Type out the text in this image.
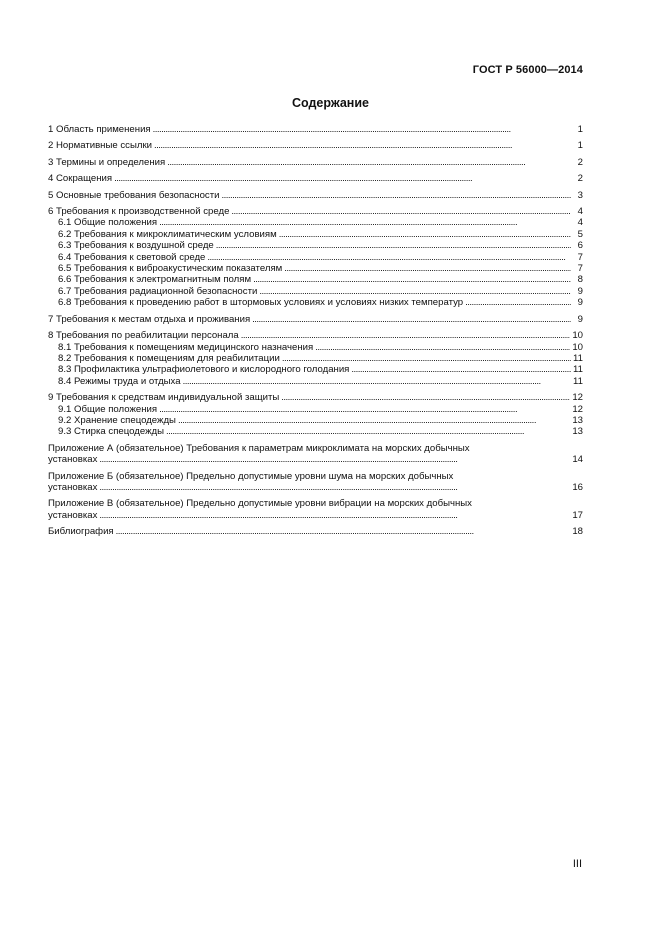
ГОСТ Р 56000—2014
Содержание
1 Область применения . . .	1
2 Нормативные ссылки . . .	1
3 Термины и определения . . .	2
4 Сокращения . . .	2
5 Основные требования безопасности . . .	3
6 Требования к производственной среде . . .	4
6.1 Общие положения . . .	4
6.2 Требования к микроклиматическим условиям . . .	5
6.3 Требования к воздушной среде . . .	6
6.4 Требования к световой среде . . .	7
6.5 Требования к виброакустическим показателям . . .	7
6.6 Требования к электромагнитным полям . . .	8
6.7 Требования радиационной безопасности . . .	9
6.8 Требования к проведению работ в штормовых условиях и условиях низких температур . . .	9
7 Требования к местам отдыха и проживания . . .	9
8 Требования по реабилитации персонала . . .	10
8.1 Требования к помещениям медицинского назначения . . .	10
8.2 Требования к помещениям для реабилитации . . .	11
8.3 Профилактика ультрафиолетового и кислородного голодания . . .	11
8.4 Режимы труда и отдыха . . .	11
9 Требования к средствам индивидуальной защиты . . .	12
9.1 Общие положения . . .	12
9.2 Хранение спецодежды . . .	13
9.3 Стирка спецодежды . . .	13
Приложение А (обязательное) Требования к параметрам микроклимата на морских добычных
установках . . .	14
Приложение Б (обязательное) Предельно допустимые уровни шума на морских добычных
установках . . .	16
Приложение В (обязательное) Предельно допустимые уровни вибрации на морских добычных
установках . . .	17
Библиография . . .	18
III
